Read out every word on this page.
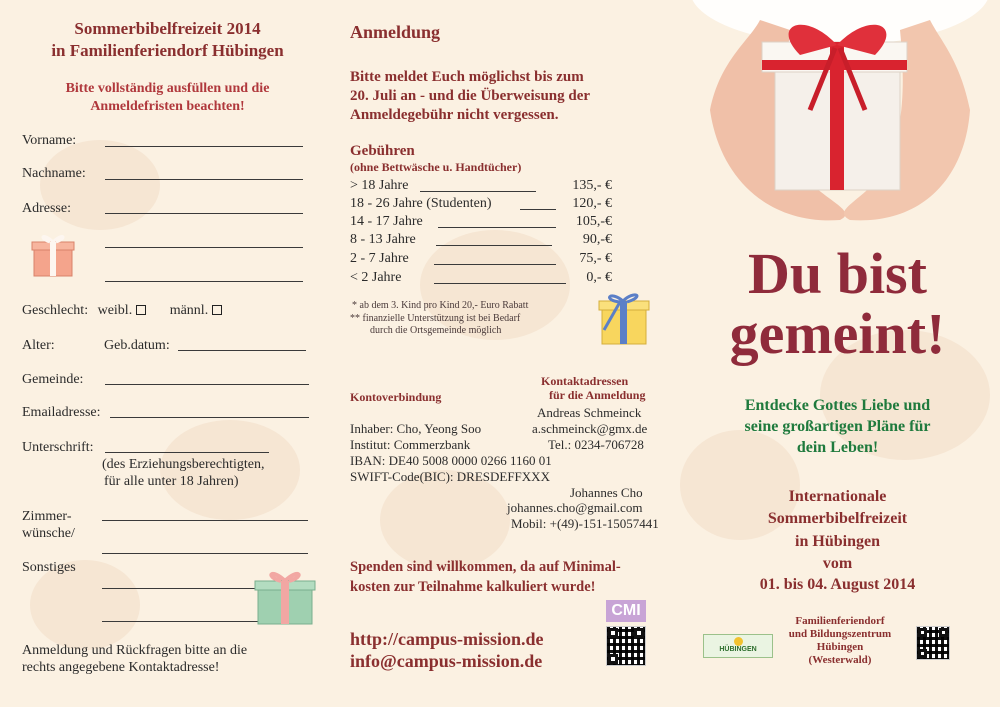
Sommerbibelfreizeit 2014
in Familienferiendorf Hübingen
Bitte vollständig ausfüllen und die
Anmeldefristen beachten!
Vorname:
Nachname:
Adresse:
Geschlecht: weibl.	männl.
Alter:	Geb.datum:
Gemeinde:
Emailadresse:
Unterschrift:
(des Erziehungsberechtigten,
für alle unter 18 Jahren)
Zimmer-
wünsche/
Sonstiges
Anmeldung und Rückfragen bitte an die
rechts angegebene Kontaktadresse!
Anmeldung
Bitte meldet Euch möglichst bis zum
20. Juli an - und die Überweisung der
Anmeldegebühr nicht vergessen.
Gebühren
(ohne Bettwäsche u. Handtücher)
> 18 Jahre	135,- €
18 - 26 Jahre (Studenten)	120,- €
14 - 17 Jahre	105,-€
8 - 13 Jahre	90,-€
2 - 7 Jahre	75,- €
< 2 Jahre	0,- €
* ab dem 3. Kind pro Kind 20,- Euro Rabatt
** finanzielle Unterstützung ist bei Bedarf
durch die Ortsgemeinde möglich
Kontoverbindung
Kontaktadressen
für die Anmeldung
Inhaber: Cho, Yeong Soo
Institut: Commerzbank
IBAN: DE40 5008 0000 0266 1160 01
SWIFT-Code(BIC): DRESDEFFXXX
Andreas Schmeinck
a.schmeinck@gmx.de
Tel.: 0234-706728
Johannes Cho
johannes.cho@gmail.com
Mobil: +(49)-151-15057441
Spenden sind willkommen, da auf Minimal-
kosten zur Teilnahme kalkuliert wurde!
http://campus-mission.de
info@campus-mission.de
CMI
Du bist
gemeint!
Entdecke Gottes Liebe und
seine großartigen Pläne für
dein Leben!
Internationale
Sommerbibelfreizeit
in Hübingen
vom
01. bis 04. August 2014
Familienferiendorf
und Bildungszentrum
Hübingen
(Westerwald)
HÜBINGEN
